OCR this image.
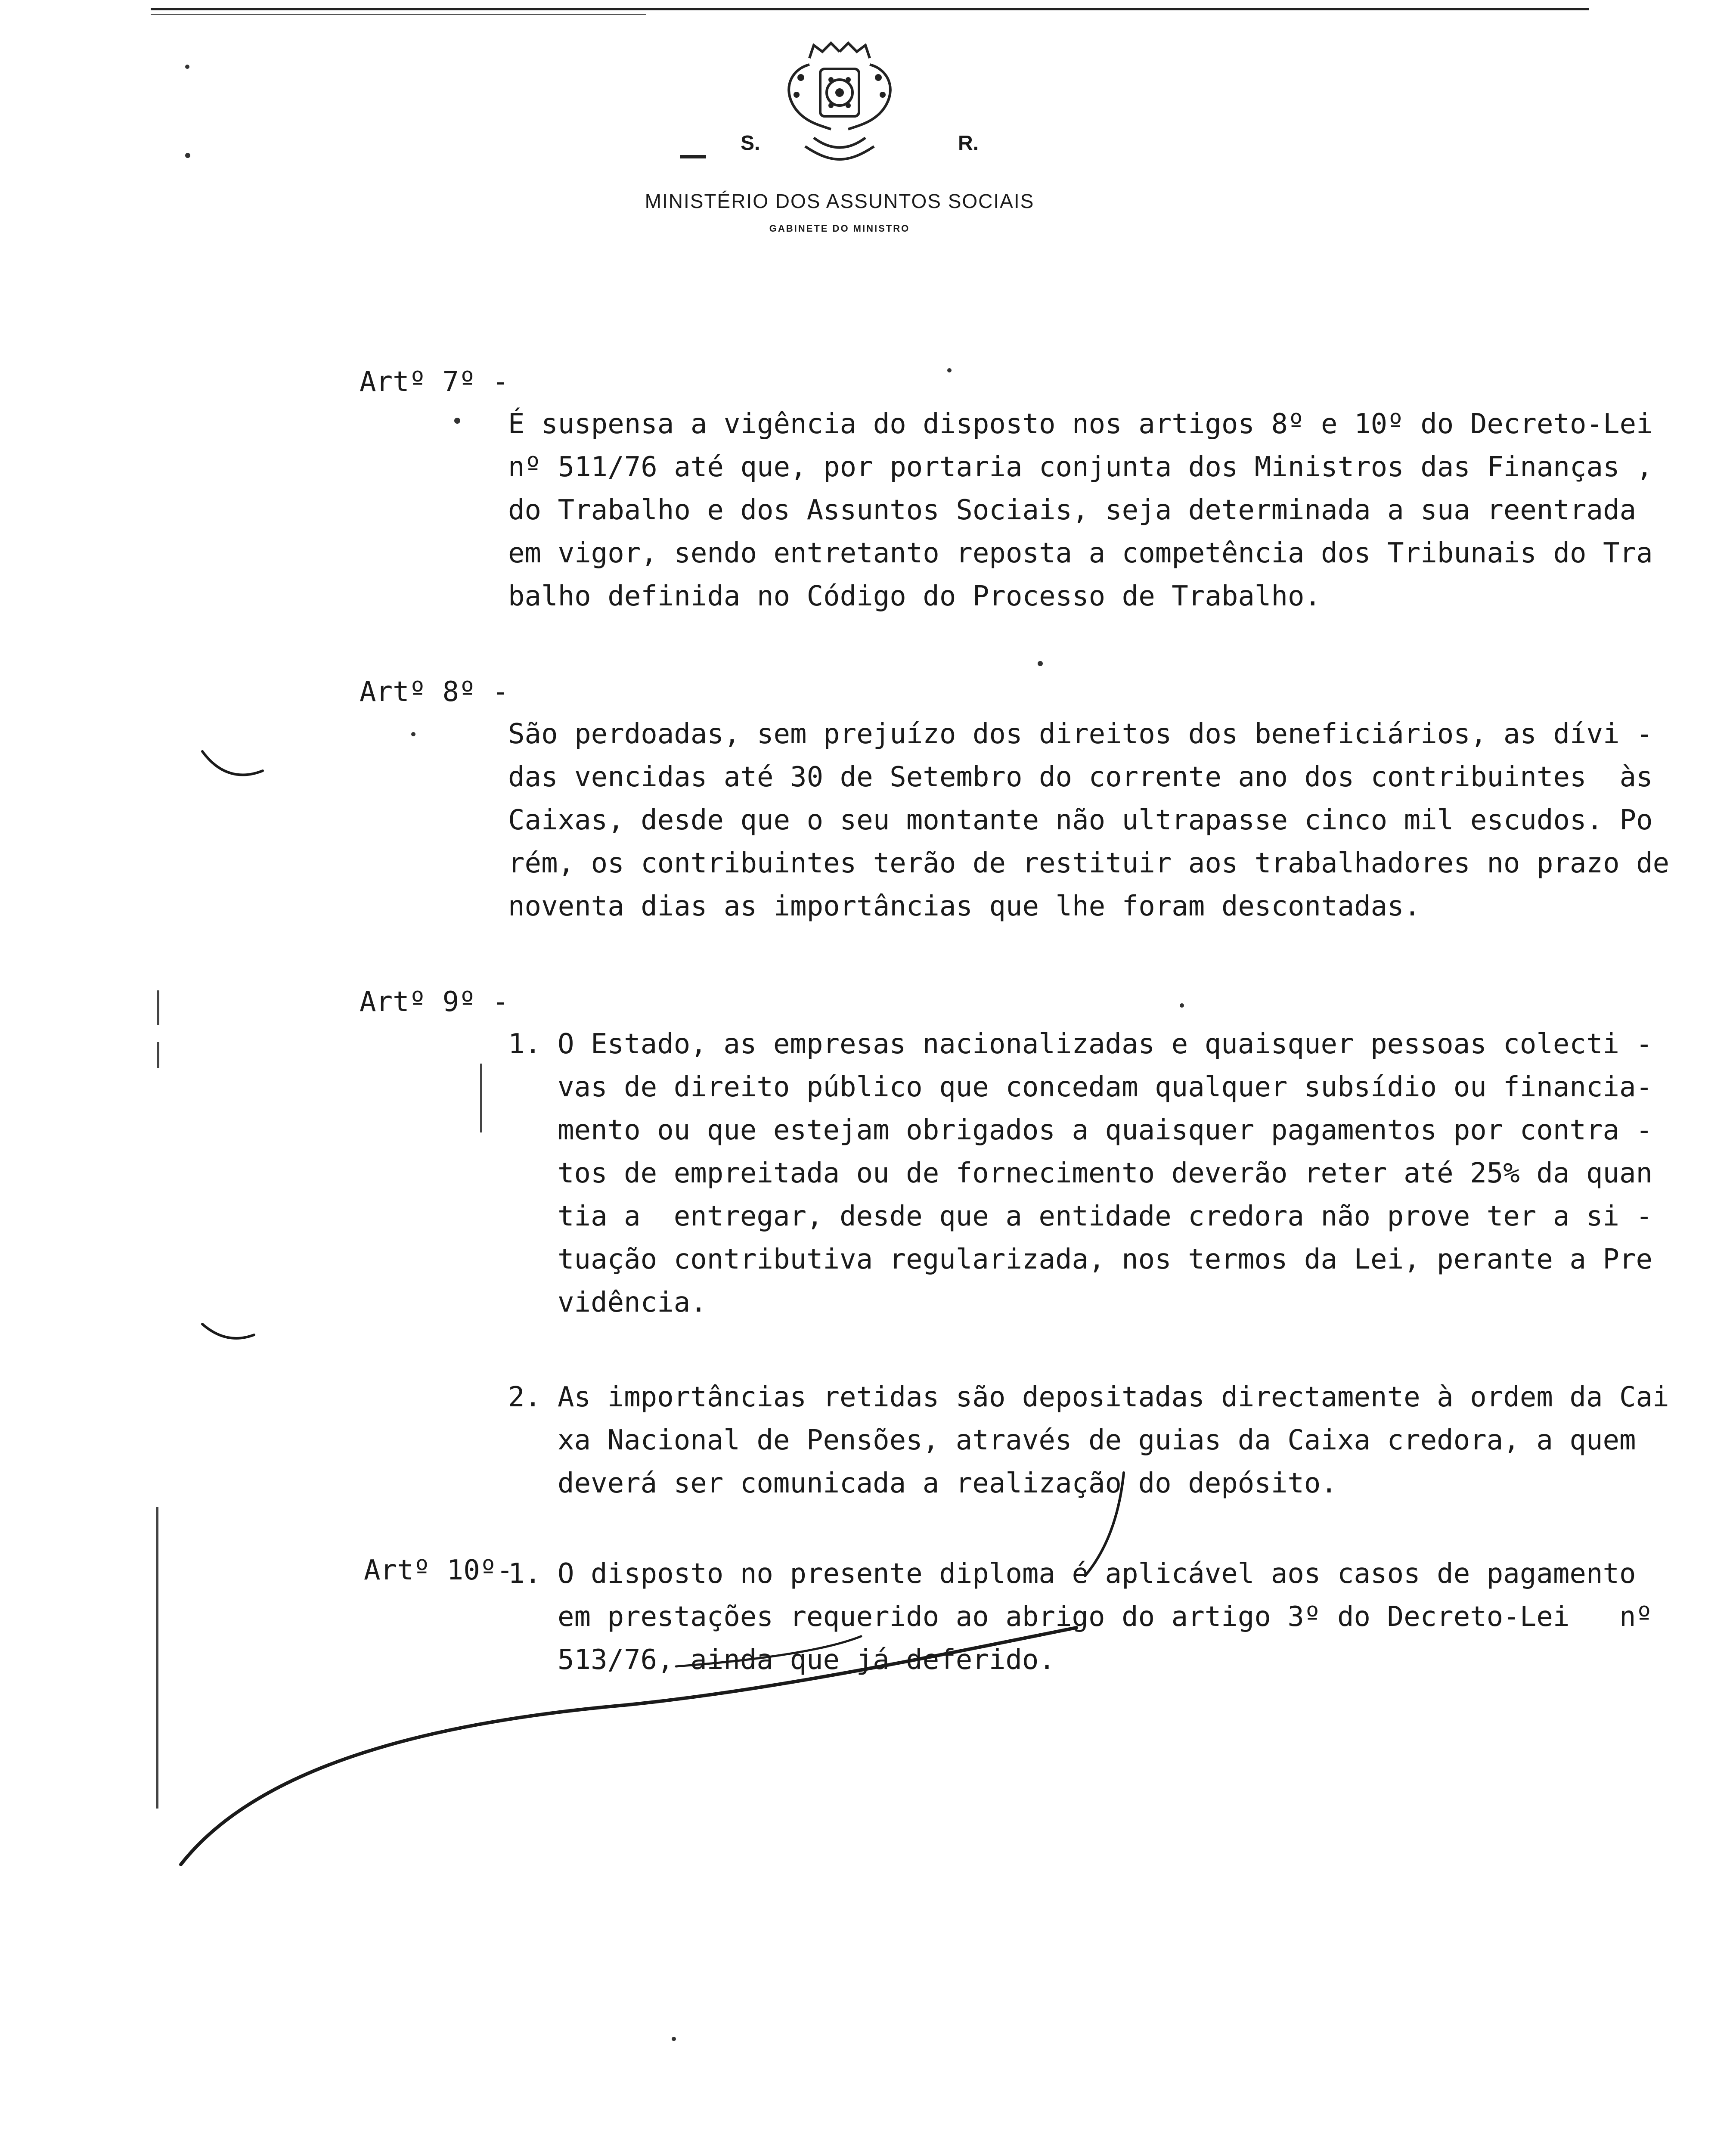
S.	R.
MINISTÉRIO DOS ASSUNTOS SOCIAIS
GABINETE DO MINISTRO
Artº 7º -
É suspensa a vigência do disposto nos artigos 8º e 10º do Decreto-Lei
nº 511/76 até que, por portaria conjunta dos Ministros das Finanças ,
do Trabalho e dos Assuntos Sociais, seja determinada a sua reentrada
em vigor, sendo entretanto reposta a competência dos Tribunais do Tra
balho definida no Código do Processo de Trabalho.
Artº 8º -
São perdoadas, sem prejuízo dos direitos dos beneficiários, as dívi -
das vencidas até 30 de Setembro do corrente ano dos contribuintes  às
Caixas, desde que o seu montante não ultrapasse cinco mil escudos. Po
rém, os contribuintes terão de restituir aos trabalhadores no prazo de
noventa dias as importâncias que lhe foram descontadas.
Artº 9º -
1. O Estado, as empresas nacionalizadas e quaisquer pessoas colecti -
vas de direito público que concedam qualquer subsídio ou financia-
mento ou que estejam obrigados a quaisquer pagamentos por contra -
tos de empreitada ou de fornecimento deverão reter até 25% da quan
tia a  entregar, desde que a entidade credora não prove ter a si -
tuação contributiva regularizada, nos termos da Lei, perante a Pre
vidência.
2. As importâncias retidas são depositadas directamente à ordem da Cai
xa Nacional de Pensões, através de guias da Caixa credora, a quem
deverá ser comunicada a realização do depósito.
Artº 10º-
1. O disposto no presente diploma é aplicável aos casos de pagamento
em prestações requerido ao abrigo do artigo 3º do Decreto-Lei   nº
513/76, ainda que já deferido.
